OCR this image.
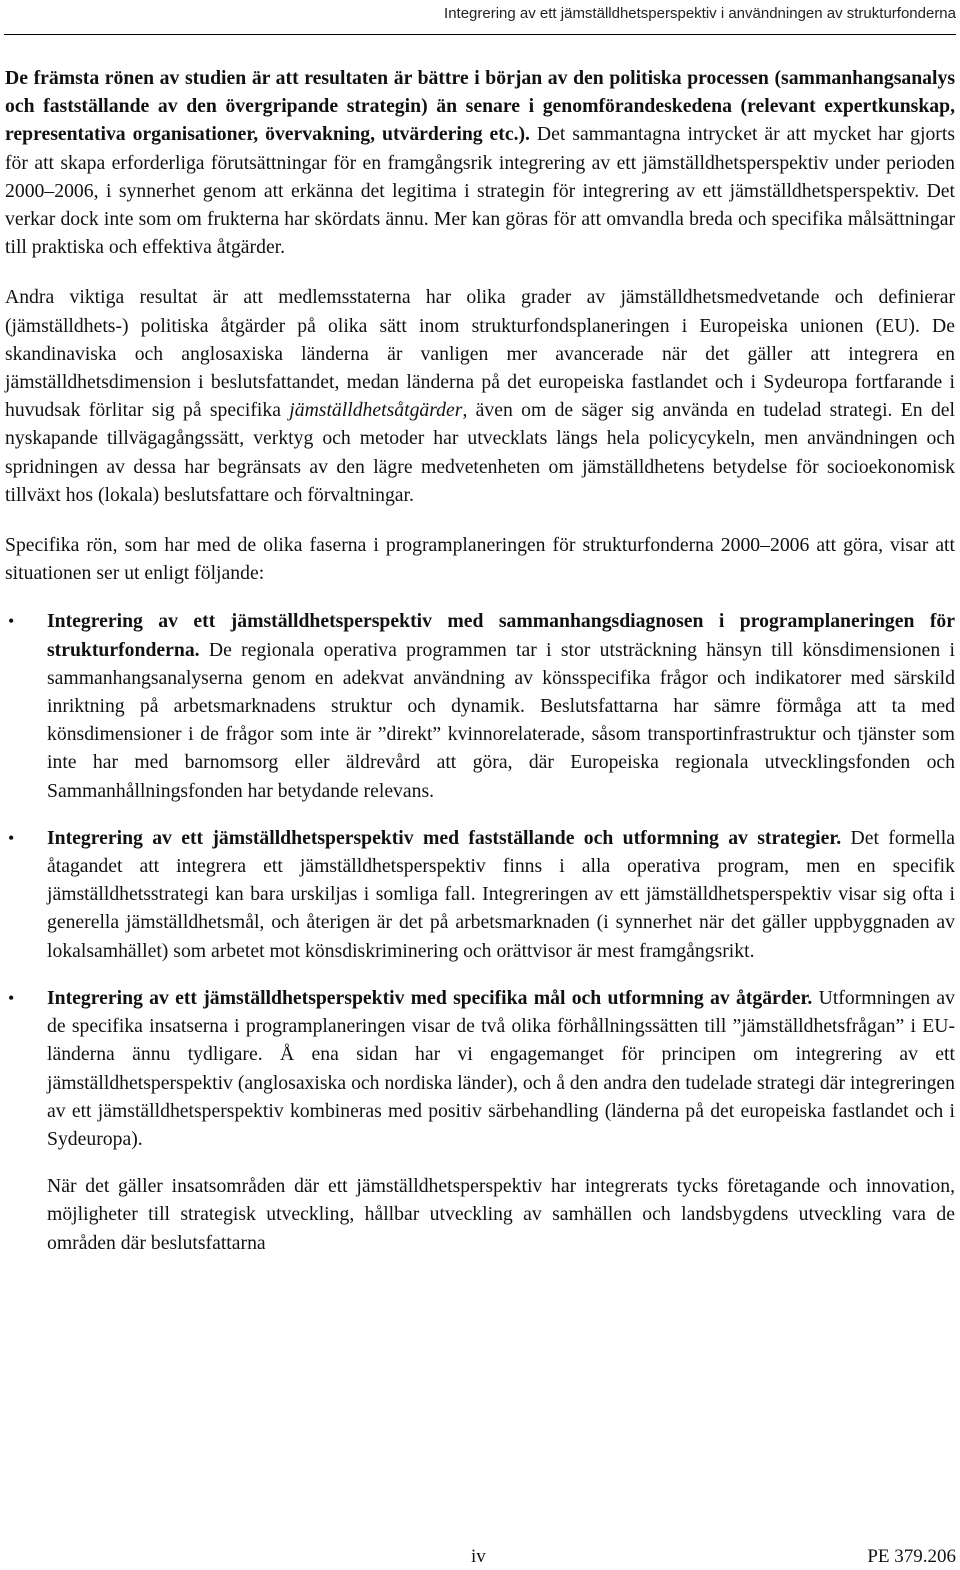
Integrering av ett jämställdhetsperspektiv i användningen av strukturfonderna

De främsta rönen av studien är att resultaten är bättre i början av den politiska processen (sammanhangsanalys och fastställande av den övergripande strategin) än senare i genomförandeskedena (relevant expertkunskap, representativa organisationer, övervakning, utvärdering etc.). Det sammantagna intrycket är att mycket har gjorts för att skapa erforderliga förutsättningar för en framgångsrik integrering av ett jämställdhetsperspektiv under perioden 2000–2006, i synnerhet genom att erkänna det legitima i strategin för integrering av ett jämställdhetsperspektiv. Det verkar dock inte som om frukterna har skördats ännu. Mer kan göras för att omvandla breda och specifika målsättningar till praktiska och effektiva åtgärder.

Andra viktiga resultat är att medlemsstaterna har olika grader av jämställdhetsmedvetande och definierar (jämställdhets-) politiska åtgärder på olika sätt inom strukturfondsplaneringen i Europeiska unionen (EU). De skandinaviska och anglosaxiska länderna är vanligen mer avancerade när det gäller att integrera en jämställdhetsdimension i beslutsfattandet, medan länderna på det europeiska fastlandet och i Sydeuropa fortfarande i huvudsak förlitar sig på specifika jämställdhetsåtgärder, även om de säger sig använda en tudelad strategi. En del nyskapande tillvägagångssätt, verktyg och metoder har utvecklats längs hela policycykeln, men användningen och spridningen av dessa har begränsats av den lägre medvetenheten om jämställdhetens betydelse för socioekonomisk tillväxt hos (lokala) beslutsfattare och förvaltningar.

Specifika rön, som har med de olika faserna i programplaneringen för strukturfonderna 2000–2006 att göra, visar att situationen ser ut enligt följande:

• Integrering av ett jämställdhetsperspektiv med sammanhangsdiagnosen i programplaneringen för strukturfonderna. De regionala operativa programmen tar i stor utsträckning hänsyn till könsdimensionen i sammanhangsanalyserna genom en adekvat användning av könsspecifika frågor och indikatorer med särskild inriktning på arbetsmarknadens struktur och dynamik. Beslutsfattarna har sämre förmåga att ta med könsdimensioner i de frågor som inte är ”direkt” kvinnorelaterade, såsom transportinfrastruktur och tjänster som inte har med barnomsorg eller äldrevård att göra, där Europeiska regionala utvecklingsfonden och Sammanhållningsfonden har betydande relevans.
• Integrering av ett jämställdhetsperspektiv med fastställande och utformning av strategier. Det formella åtagandet att integrera ett jämställdhetsperspektiv finns i alla operativa program, men en specifik jämställdhetsstrategi kan bara urskiljas i somliga fall. Integreringen av ett jämställdhetsperspektiv visar sig ofta i generella jämställdhetsmål, och återigen är det på arbetsmarknaden (i synnerhet när det gäller uppbyggnaden av lokalsamhället) som arbetet mot könsdiskriminering och orättvisor är mest framgångsrikt.
• Integrering av ett jämställdhetsperspektiv med specifika mål och utformning av åtgärder. Utformningen av de specifika insatserna i programplaneringen visar de två olika förhållningssätten till ”jämställdhetsfrågan” i EU-länderna ännu tydligare. Å ena sidan har vi engagemanget för principen om integrering av ett jämställdhetsperspektiv (anglosaxiska och nordiska länder), och å den andra den tudelade strategi där integreringen av ett jämställdhetsperspektiv kombineras med positiv särbehandling (länderna på det europeiska fastlandet och i Sydeuropa).

När det gäller insatsområden där ett jämställdhetsperspektiv har integrerats tycks företagande och innovation, möjligheter till strategisk utveckling, hållbar utveckling av samhällen och landsbygdens utveckling vara de områden där beslutsfattarna

iv	PE 379.206
